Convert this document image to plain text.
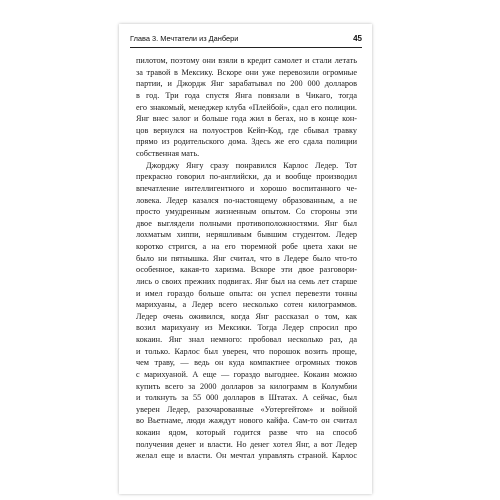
Глава 3. Мечтатели из Данбери	45
пилотом, поэтому они взяли в кредит самолет и стали летать
за травой в Мексику. Вскоре они уже перевозили огромные
партии, и Джордж Янг зарабатывал по 200 000 долларов
в год. Три года спустя Янга повязали в Чикаго, тогда
его знакомый, менеджер клуба «Плейбой», сдал его полиции.
Янг внес залог и больше года жил в бегах, но в конце кон-
цов вернулся на полуостров Кейп-Код, где сбывал травку
прямо из родительского дома. Здесь же его сдала полиции
собственная мать.
Джорджу Янгу сразу понравился Карлос Ледер. Тот
прекрасно говорил по-английски, да и вообще производил
впечатление интеллигентного и хорошо воспитанного че-
ловека. Ледер казался по-настоящему образованным, а не
просто умудренным жизненным опытом. Со стороны эти
двое выглядели полными противоположностями. Янг был
лохматым хиппи, неряшливым бывшим студентом. Ледер
коротко стригся, а на его тюремной робе цвета хаки не
было ни пятнышка. Янг считал, что в Ледере было что-то
особенное, какая-то харизма. Вскоре эти двое разговори-
лись о своих прежних подвигах. Янг был на семь лет старше
и имел гораздо больше опыта: он успел перевезти тонны
марихуаны, а Ледер всего несколько сотен килограммов.
Ледер очень оживился, когда Янг рассказал о том, как
возил марихуану из Мексики. Тогда Ледер спросил про
кокаин. Янг знал немного: пробовал несколько раз, да
и только. Карлос был уверен, что порошок возить проще,
чем траву, — ведь он куда компактнее огромных тюков
с марихуаной. А еще — гораздо выгоднее. Кокаин можно
купить всего за 2000 долларов за килограмм в Колумбии
и толкнуть за 55 000 долларов в Штатах. А сейчас, был
уверен Ледер, разочарованные «Уотергейтом» и войной
во Вьетнаме, люди жаждут нового кайфа. Сам-то он считал
кокаин ядом, который годится разве что на способ
получения денег и власти. Но денег хотел Янг, а вот Ледер
желал еще и власти. Он мечтал управлять страной. Карлос
